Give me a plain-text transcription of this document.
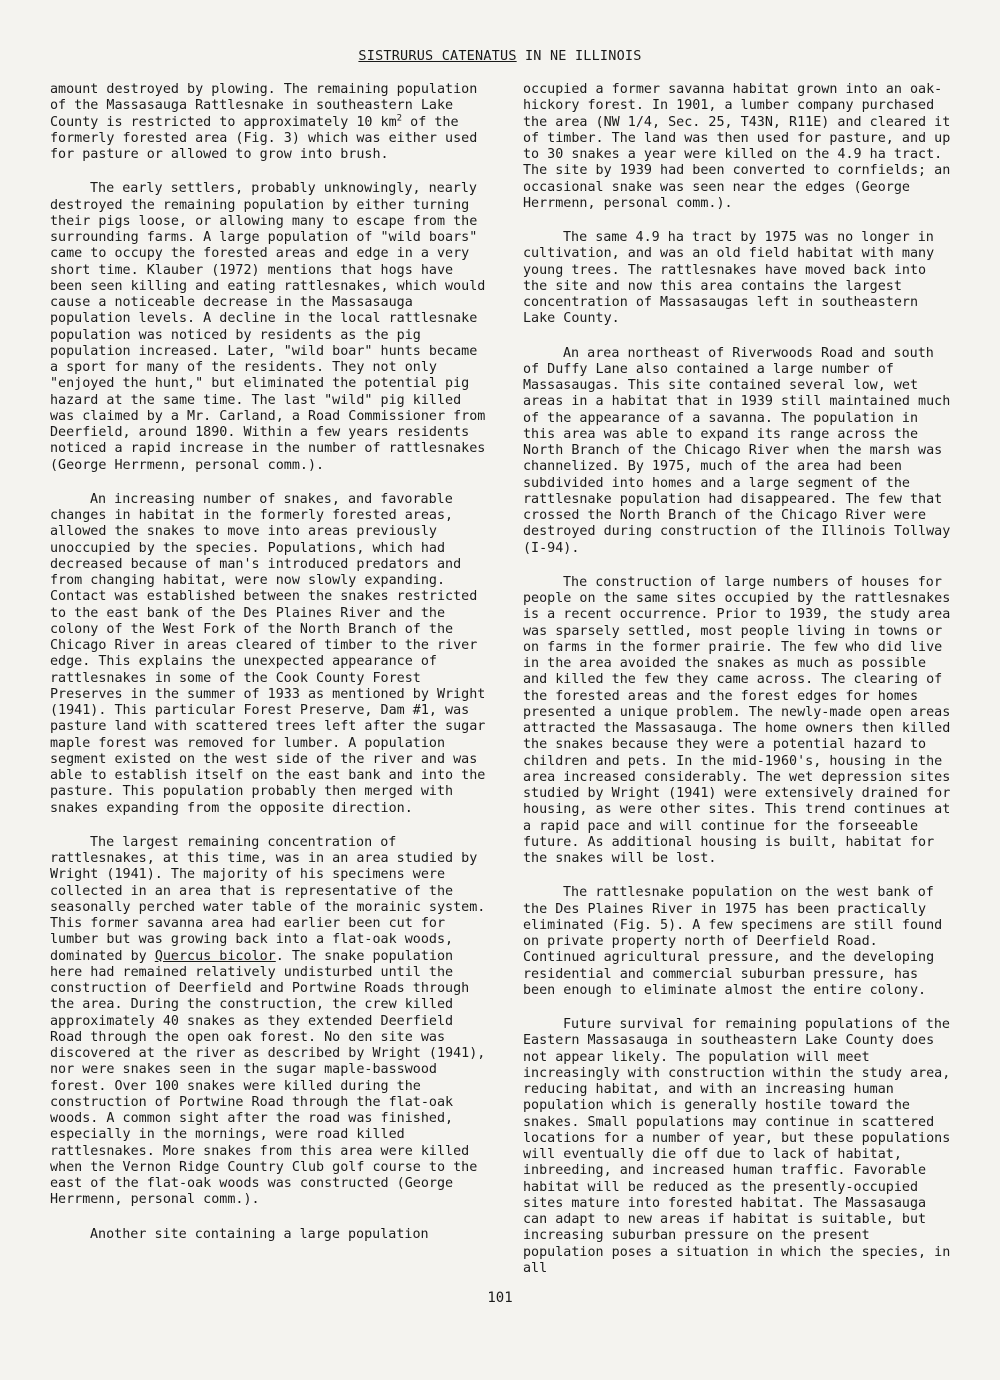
SISTRURUS CATENATUS IN NE ILLINOIS

amount destroyed by plowing. The remaining population of the Massasauga Rattlesnake in southeastern Lake County is restricted to approximately 10 $km^2$ of the formerly forested area (Fig. 3) which was either used for pasture or allowed to grow into brush.

The early settlers, probably unknowingly, nearly destroyed the remaining population by either turning their pigs loose, or allowing many to escape from the surrounding farms. A large population of "wild boars" came to occupy the forested areas and edge in a very short time. Klauber (1972) mentions that hogs have been seen killing and eating rattlesnakes, which would cause a noticeable decrease in the Massasauga population levels. A decline in the local rattlesnake population was noticed by residents as the pig population increased. Later, "wild boar" hunts became a sport for many of the residents. They not only "enjoyed the hunt," but eliminated the potential pig hazard at the same time. The last "wild" pig killed was claimed by a Mr. Carland, a Road Commissioner from Deerfield, around 1890. Within a few years residents noticed a rapid increase in the number of rattlesnakes (George Herrmenn, personal comm.).

An increasing number of snakes, and favorable changes in habitat in the formerly forested areas, allowed the snakes to move into areas previously unoccupied by the species. Populations, which had decreased because of man's introduced predators and from changing habitat, were now slowly expanding. Contact was established between the snakes restricted to the east bank of the Des Plaines River and the colony of the West Fork of the North Branch of the Chicago River in areas cleared of timber to the river edge. This explains the unexpected appearance of rattlesnakes in some of the Cook County Forest Preserves in the summer of 1933 as mentioned by Wright (1941). This particular Forest Preserve, Dam #1, was pasture land with scattered trees left after the sugar maple forest was removed for lumber. A population segment existed on the west side of the river and was able to establish itself on the east bank and into the pasture. This population probably then merged with snakes expanding from the opposite direction.

The largest remaining concentration of rattlesnakes, at this time, was in an area studied by Wright (1941). The majority of his specimens were collected in an area that is representative of the seasonally perched water table of the morainic system. This former savanna area had earlier been cut for lumber but was growing back into a flat-oak woods, dominated by Quercus bicolor. The snake population here had remained relatively undisturbed until the construction of Deerfield and Portwine Roads through the area. During the construction, the crew killed approximately 40 snakes as they extended Deerfield Road through the open oak forest. No den site was discovered at the river as described by Wright (1941), nor were snakes seen in the sugar maple-basswood forest. Over 100 snakes were killed during the construction of Portwine Road through the flat-oak woods. A common sight after the road was finished, especially in the mornings, were road killed rattlesnakes. More snakes from this area were killed when the Vernon Ridge Country Club golf course to the east of the flat-oak woods was constructed (George Herrmenn, personal comm.).

Another site containing a large population

occupied a former savanna habitat grown into an oak-hickory forest. In 1901, a lumber company purchased the area (NW 1/4, Sec. 25, T43N, R11E) and cleared it of timber. The land was then used for pasture, and up to 30 snakes a year were killed on the 4.9 ha tract. The site by 1939 had been converted to cornfields; an occasional snake was seen near the edges (George Herrmenn, personal comm.).

The same 4.9 ha tract by 1975 was no longer in cultivation, and was an old field habitat with many young trees. The rattlesnakes have moved back into the site and now this area contains the largest concentration of Massasaugas left in southeastern Lake County.

An area northeast of Riverwoods Road and south of Duffy Lane also contained a large number of Massasaugas. This site contained several low, wet areas in a habitat that in 1939 still maintained much of the appearance of a savanna. The population in this area was able to expand its range across the North Branch of the Chicago River when the marsh was channelized. By 1975, much of the area had been subdivided into homes and a large segment of the rattlesnake population had disappeared. The few that crossed the North Branch of the Chicago River were destroyed during construction of the Illinois Tollway (I-94).

The construction of large numbers of houses for people on the same sites occupied by the rattlesnakes is a recent occurrence. Prior to 1939, the study area was sparsely settled, most people living in towns or on farms in the former prairie. The few who did live in the area avoided the snakes as much as possible and killed the few they came across. The clearing of the forested areas and the forest edges for homes presented a unique problem. The newly-made open areas attracted the Massasauga. The home owners then killed the snakes because they were a potential hazard to children and pets. In the mid-1960's, housing in the area increased considerably. The wet depression sites studied by Wright (1941) were extensively drained for housing, as were other sites. This trend continues at a rapid pace and will continue for the forseeable future. As additional housing is built, habitat for the snakes will be lost.

The rattlesnake population on the west bank of the Des Plaines River in 1975 has been practically eliminated (Fig. 5). A few specimens are still found on private property north of Deerfield Road. Continued agricultural pressure, and the developing residential and commercial suburban pressure, has been enough to eliminate almost the entire colony.

Future survival for remaining populations of the Eastern Massasauga in southeastern Lake County does not appear likely. The population will meet increasingly with construction within the study area, reducing habitat, and with an increasing human population which is generally hostile toward the snakes. Small populations may continue in scattered locations for a number of year, but these populations will eventually die off due to lack of habitat, inbreeding, and increased human traffic. Favorable habitat will be reduced as the presently-occupied sites mature into forested habitat. The Massasauga can adapt to new areas if habitat is suitable, but increasing suburban pressure on the present population poses a situation in which the species, in all

101
